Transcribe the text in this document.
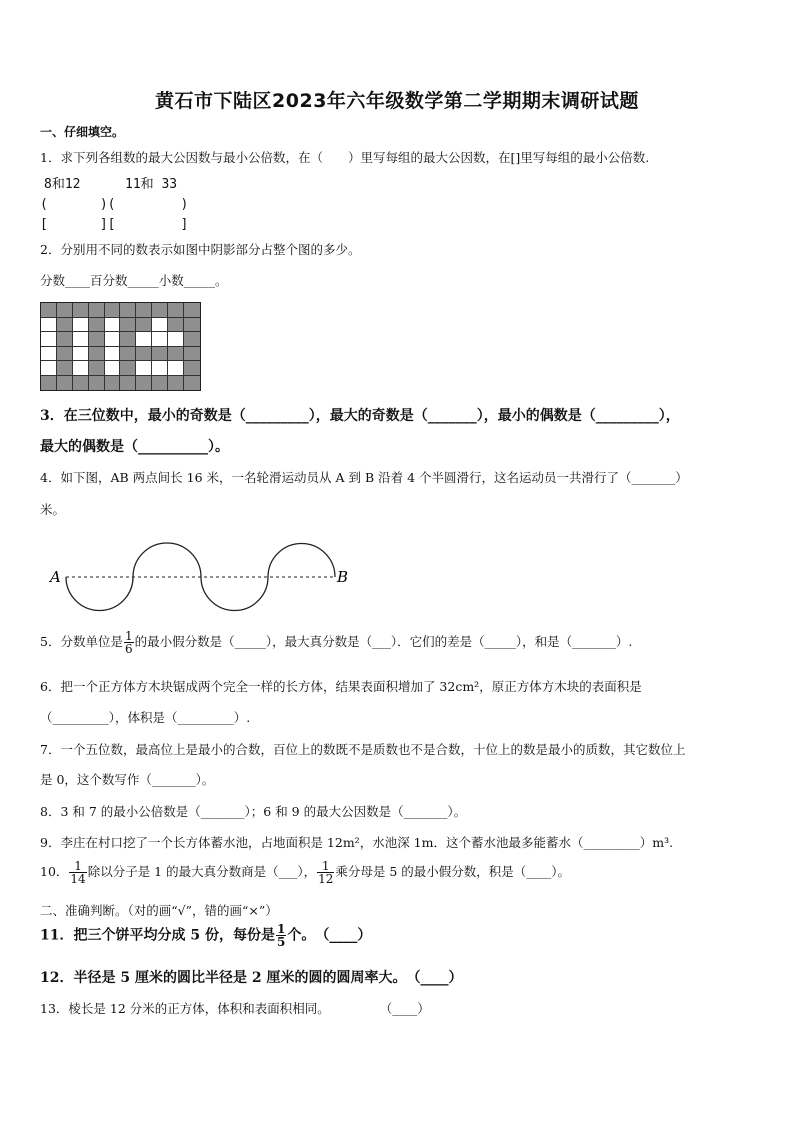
黄石市下陆区2023年六年级数学第二学期期末调研试题
一、仔细填空。
1．求下列各组数的最大公因数与最小公倍数，在（　　）里写每组的最大公因数，在[]里写每组的最小公倍数.
8和12	11和 33
(　　　　)(　　　　　)
[　　　　][　　　　　]
2．分别用不同的数表示如图中阴影部分占整个图的多少。
分数____百分数_____小数_____。
3．在三位数中，最小的奇数是（_________），最大的奇数是（_______），最小的偶数是（_________），
最大的偶数是（__________）。
4．如下图，AB 两点间长 16 米，一名轮滑运动员从 A 到 B 沿着 4 个半圆滑行，这名运动员一共滑行了（_______）
米。
A	B
5．分数单位是 $\frac{1}{6}$ 的最小假分数是（_____），最大真分数是（___）．它们的差是（_____），和是（_______）.
6．把一个正方体方木块锯成两个完全一样的长方体，结果表面积增加了 32cm²，原正方体方木块的表面积是
（_________），体积是（_________）.
7．一个五位数，最高位上是最小的合数，百位上的数既不是质数也不是合数，十位上的数是最小的质数，其它数位上
是 0，这个数写作（_______）。
8．3 和 7 的最小公倍数是（_______）；6 和 9 的最大公因数是（_______）。
9．李庄在村口挖了一个长方体蓄水池，占地面积是 12m²，水池深 1m．这个蓄水池最多能蓄水（_________）m³.
10． $\frac{1}{14}$ 除以分子是 1 的最大真分数商是（___）， $\frac{1}{12}$ 乘分母是 5 的最小假分数，积是（____）。
二、准确判断。（对的画“√”，错的画“×”）
11．把三个饼平均分成 5 份，每份是 $\frac{1}{5}$ 个。　（____）
12．半径是 5 厘米的圆比半径是 2 厘米的圆的圆周率大。　（____）
13．棱长是 12 分米的正方体，体积和表面积相同。　　　　　（____）
